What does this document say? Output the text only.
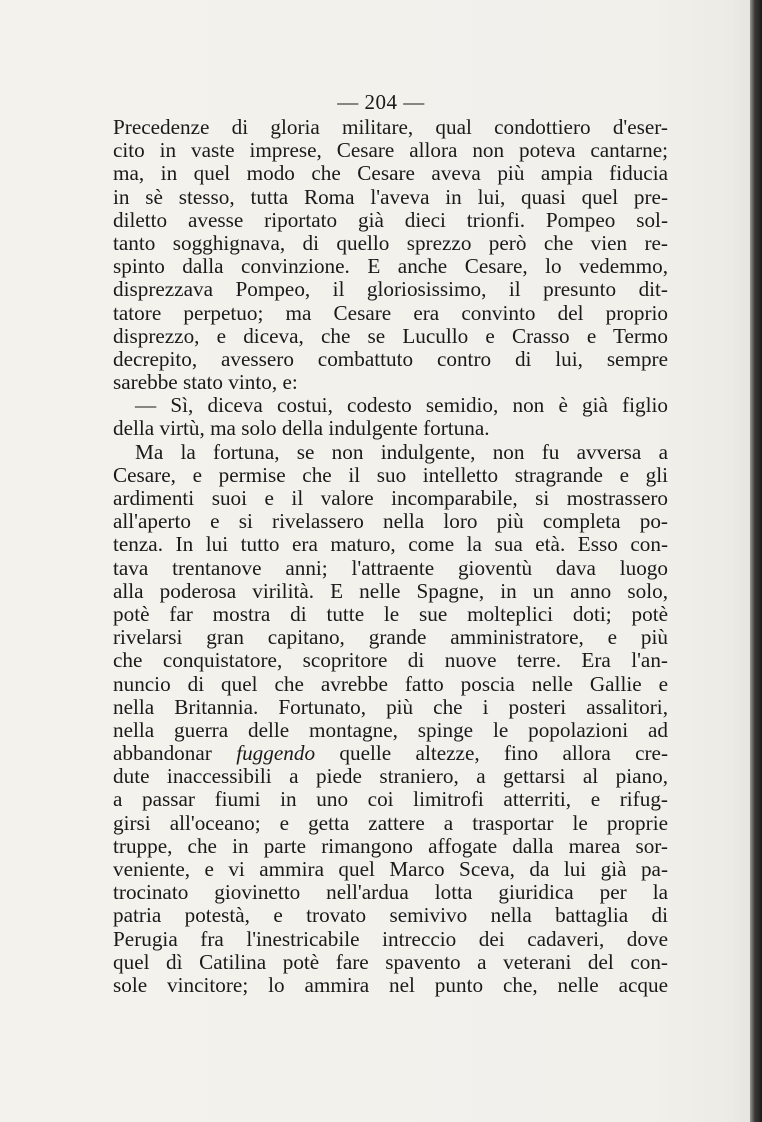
— 204 —
Precedenze di gloria militare, qual condottiero d'eser-
cito in vaste imprese, Cesare allora non poteva cantarne;
ma, in quel modo che Cesare aveva più ampia fiducia
in sè stesso, tutta Roma l'aveva in lui, quasi quel pre-
diletto avesse riportato già dieci trionfi. Pompeo sol-
tanto sogghignava, di quello sprezzo però che vien re-
spinto dalla convinzione. E anche Cesare, lo vedemmo,
disprezzava Pompeo, il gloriosissimo, il presunto dit-
tatore perpetuo; ma Cesare era convinto del proprio
disprezzo, e diceva, che se Lucullo e Crasso e Termo
decrepito, avessero combattuto contro di lui, sempre
sarebbe stato vinto, e:
— Sì, diceva costui, codesto semidio, non è già figlio
della virtù, ma solo della indulgente fortuna.
Ma la fortuna, se non indulgente, non fu avversa a
Cesare, e permise che il suo intelletto stragrande e gli
ardimenti suoi e il valore incomparabile, si mostrassero
all'aperto e si rivelassero nella loro più completa po-
tenza. In lui tutto era maturo, come la sua età. Esso con-
tava trentanove anni; l'attraente gioventù dava luogo
alla poderosa virilità. E nelle Spagne, in un anno solo,
potè far mostra di tutte le sue molteplici doti; potè
rivelarsi gran capitano, grande amministratore, e più
che conquistatore, scopritore di nuove terre. Era l'an-
nuncio di quel che avrebbe fatto poscia nelle Gallie e
nella Britannia. Fortunato, più che i posteri assalitori,
nella guerra delle montagne, spinge le popolazioni ad
abbandonar fuggendo quelle altezze, fino allora cre-
dute inaccessibili a piede straniero, a gettarsi al piano,
a passar fiumi in uno coi limitrofi atterriti, e rifug-
girsi all'oceano; e getta zattere a trasportar le proprie
truppe, che in parte rimangono affogate dalla marea sor-
veniente, e vi ammira quel Marco Sceva, da lui già pa-
trocinato giovinetto nell'ardua lotta giuridica per la
patria potestà, e trovato semivivo nella battaglia di
Perugia fra l'inestricabile intreccio dei cadaveri, dove
quel dì Catilina potè fare spavento a veterani del con-
sole vincitore; lo ammira nel punto che, nelle acque
